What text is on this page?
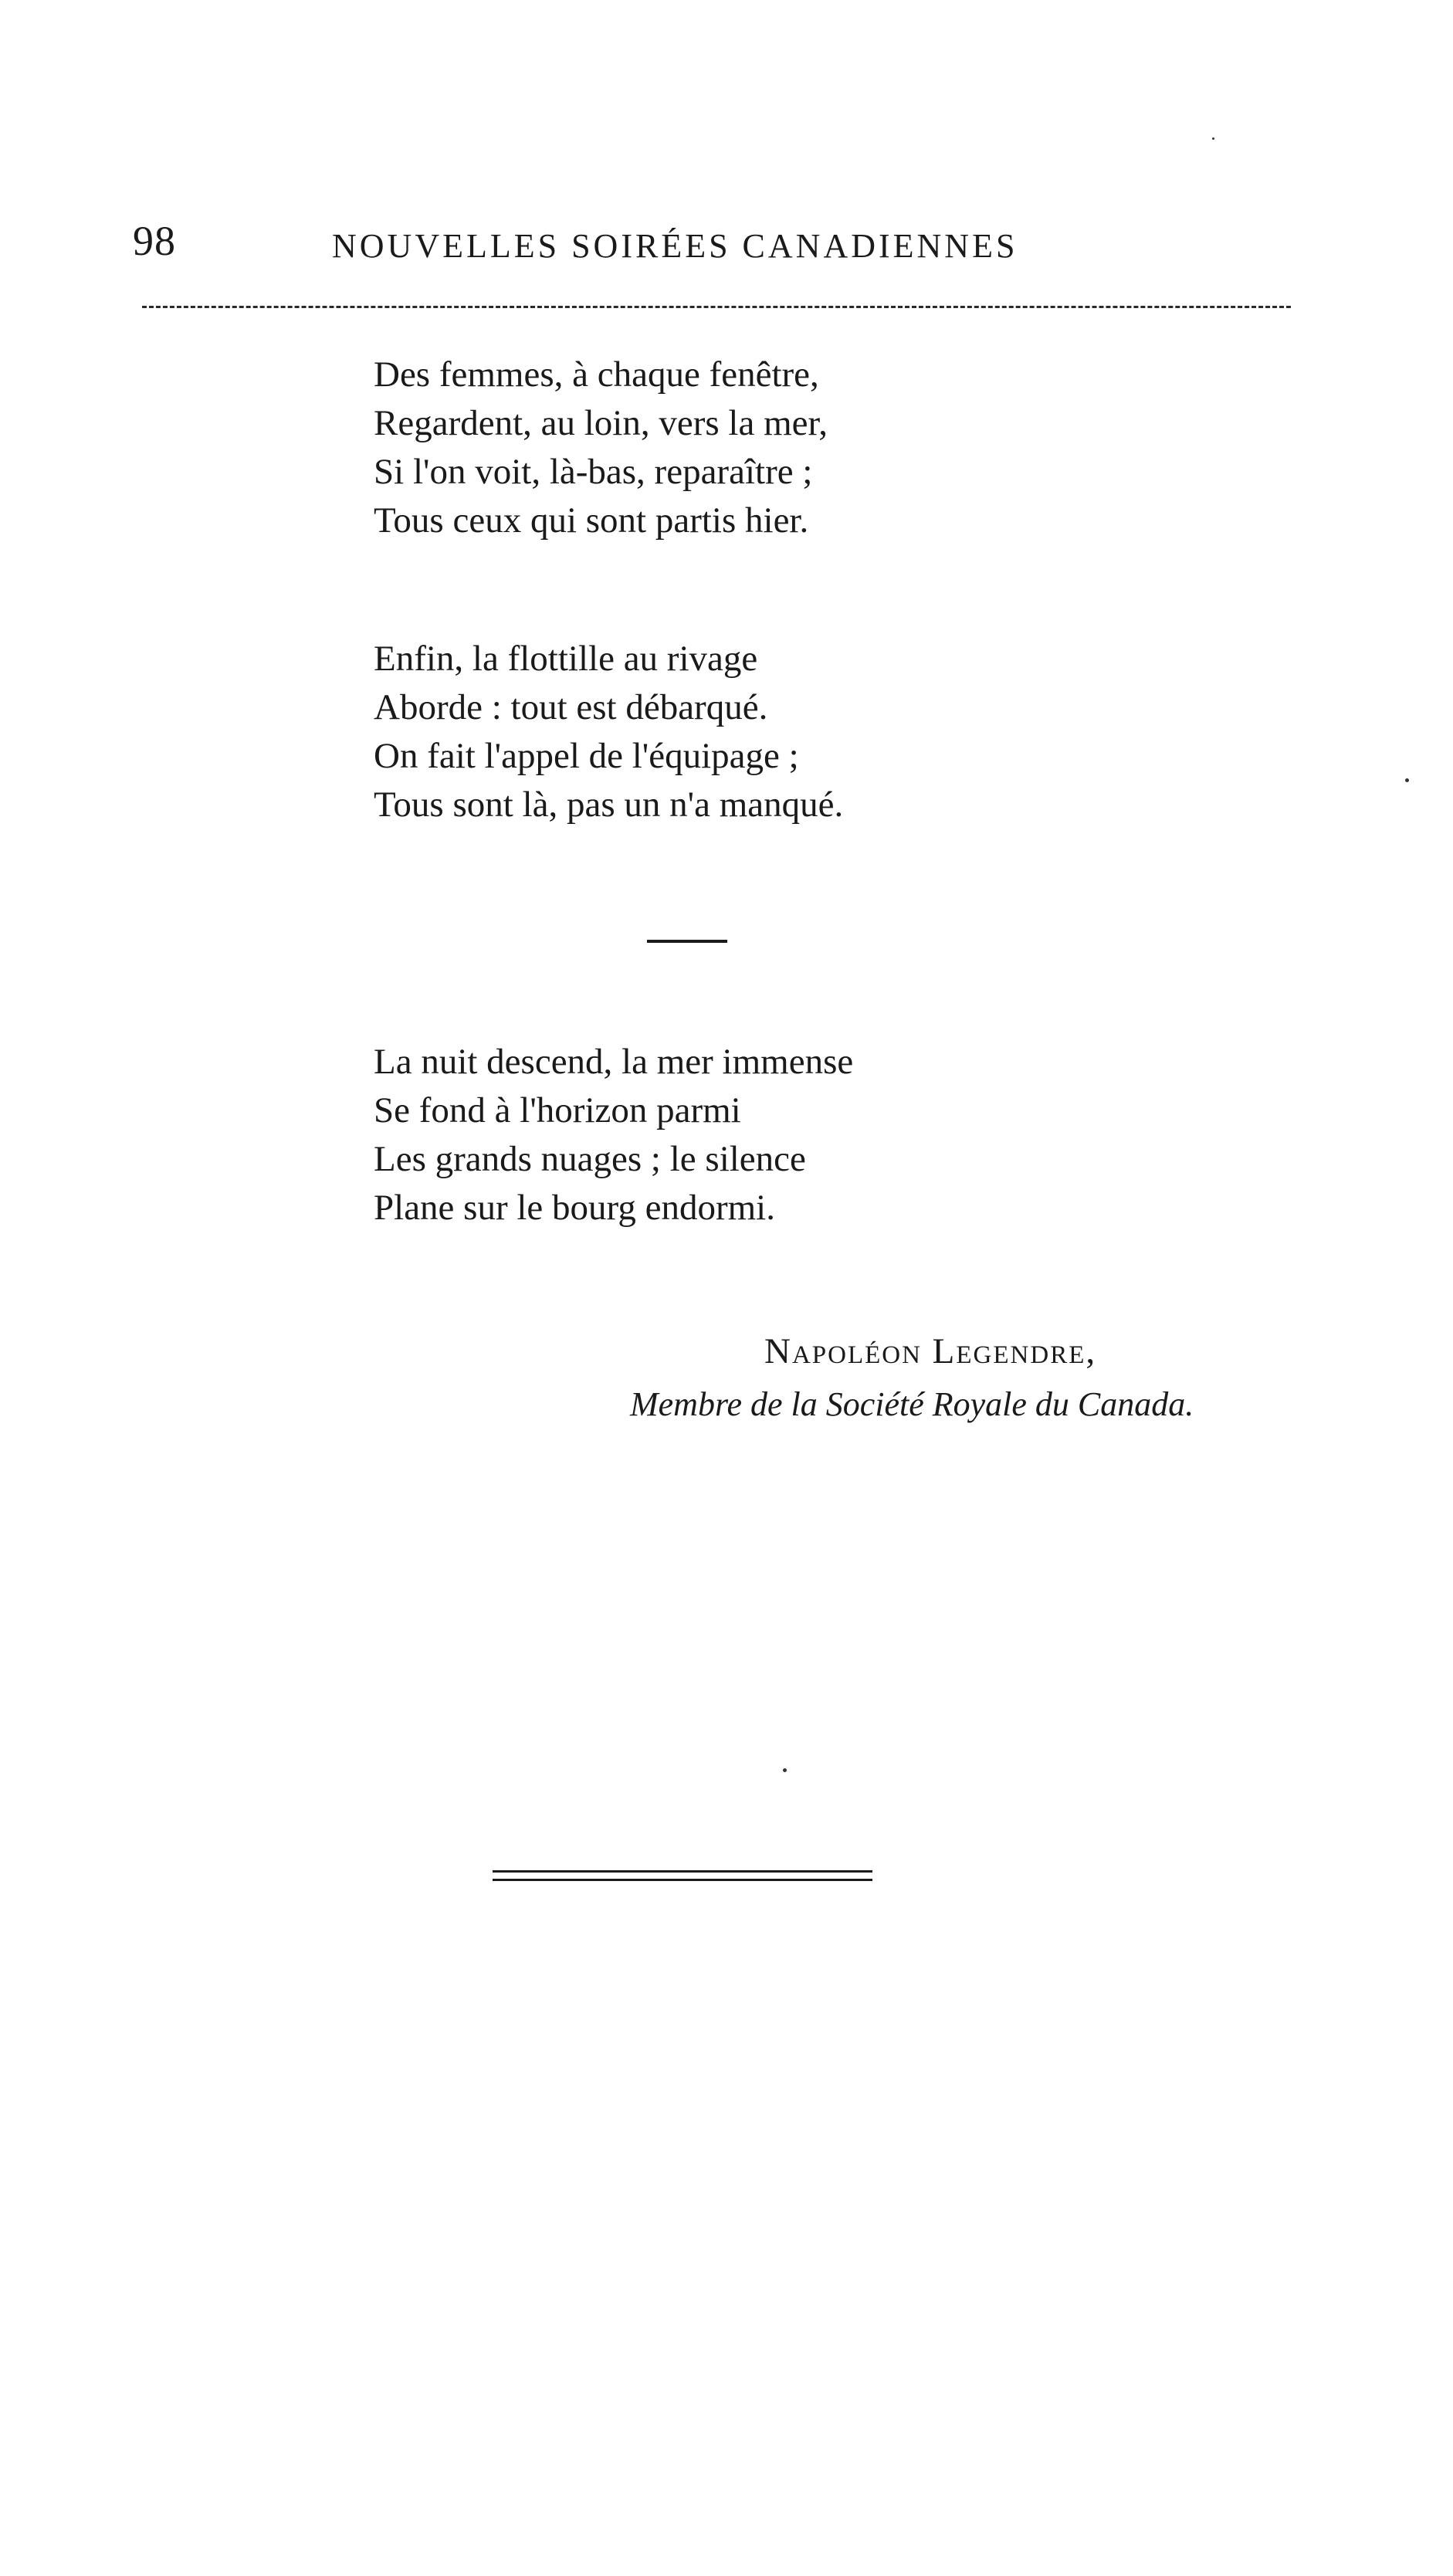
98	NOUVELLES SOIRÉES CANADIENNES
Des femmes, à chaque fenêtre,
Regardent, au loin, vers la mer,
Si l'on voit, là-bas, reparaître ;
Tous ceux qui sont partis hier.
Enfin, la flottille au rivage
Aborde : tout est débarqué.
On fait l'appel de l'équipage ;
Tous sont là, pas un n'a manqué.
La nuit descend, la mer immense
Se fond à l'horizon parmi
Les grands nuages ; le silence
Plane sur le bourg endormi.
Napoléon Legendre,
Membre de la Société Royale du Canada.
